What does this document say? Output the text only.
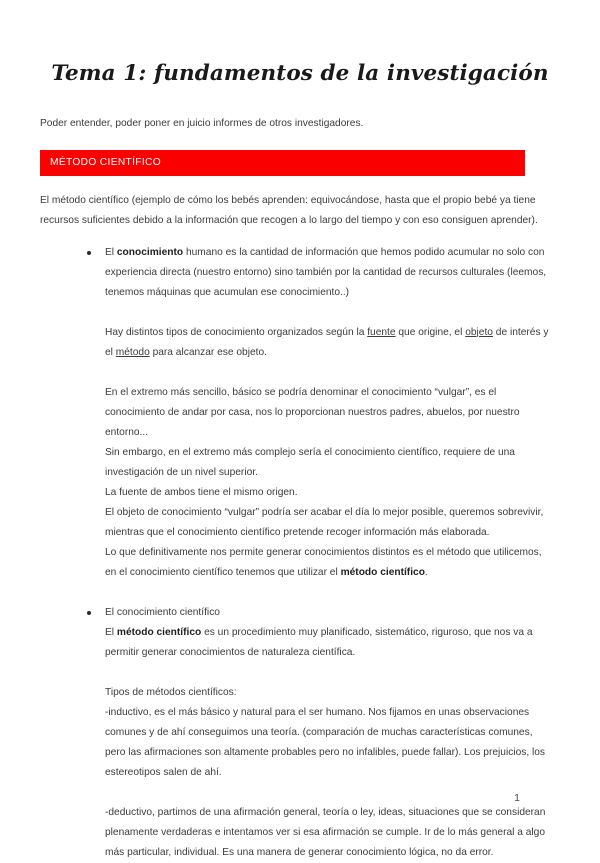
Tema 1: fundamentos de la investigación

Poder entender, poder poner en juicio informes de otros investigadores.

MÉTODO CIENTÍFICO

El método científico (ejemplo de cómo los bebés aprenden: equivocándose, hasta que el propio bebé ya tiene recursos suficientes debido a la información que recogen a lo largo del tiempo y con eso consiguen aprender).

El conocimiento humano es la cantidad de información que hemos podido acumular no solo con experiencia directa (nuestro entorno) sino también por la cantidad de recursos culturales (leemos, tenemos máquinas que acumulan ese conocimiento..)

Hay distintos tipos de conocimiento organizados según la fuente que origine, el objeto de interés y el método para alcanzar ese objeto.

En el extremo más sencillo, básico se podría denominar el conocimiento “vulgar”, es el conocimiento de andar por casa, nos lo proporcionan nuestros padres, abuelos, por nuestro entorno...

Sin embargo, en el extremo más complejo sería el conocimiento científico, requiere de una investigación de un nivel superior.

La fuente de ambos tiene el mismo origen.

El objeto de conocimiento “vulgar” podría ser acabar el día lo mejor posible, queremos sobrevivir, mientras que el conocimiento científico pretende recoger información más elaborada.

Lo que definitivamente nos permite generar conocimientos distintos es el método que utilicemos, en el conocimiento científico tenemos que utilizar el método científico.

El conocimiento científico

El método científico es un procedimiento muy planificado, sistemático, riguroso, que nos va a permitir generar conocimientos de naturaleza científica.

Tipos de métodos científicos:

-inductivo, es el más básico y natural para el ser humano. Nos fijamos en unas observaciones comunes y de ahí conseguimos una teoría. (comparación de muchas características comunes, pero las afirmaciones son altamente probables pero no infalibles, puede fallar). Los prejuicios, los estereotipos salen de ahí.

-deductivo, partimos de una afirmación general, teoría o ley, ideas, situaciones que se consideran plenamente verdaderas e intentamos ver si esa afirmación se cumple. Ir de lo más general a algo más particular, individual. Es una manera de generar conocimiento lógica, no da error.

1
